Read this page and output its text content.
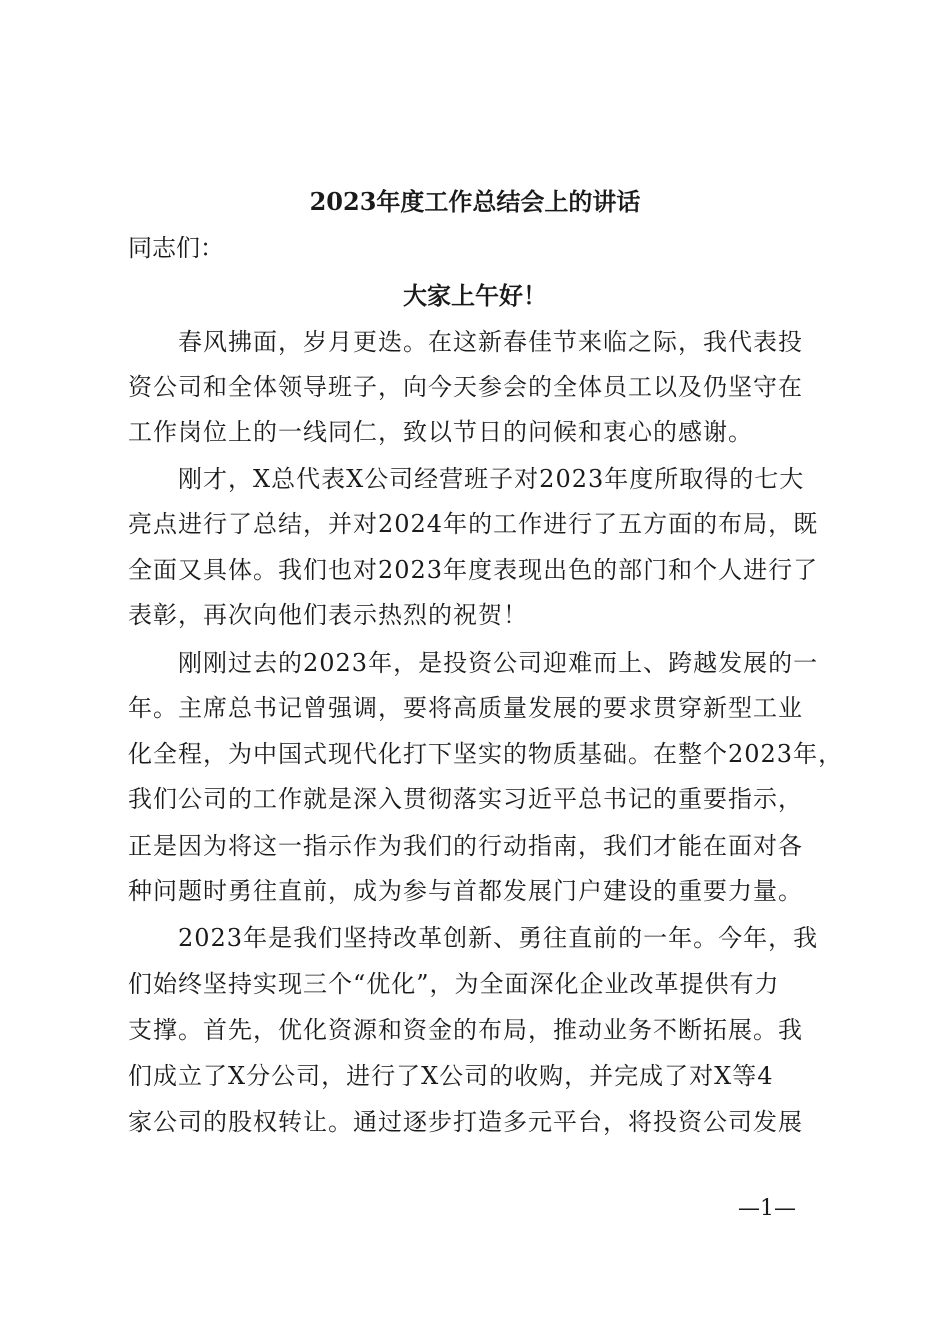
2023年度工作总结会上的讲话
同志们：
大家上午好！
春风拂面，岁月更迭。在这新春佳节来临之际，我代表投
资公司和全体领导班子，向今天参会的全体员工以及仍坚守在
工作岗位上的一线同仁，致以节日的问候和衷心的感谢。
刚才，X总代表X公司经营班子对2023年度所取得的七大
亮点进行了总结，并对2024年的工作进行了五方面的布局，既
全面又具体。我们也对2023年度表现出色的部门和个人进行了
表彰，再次向他们表示热烈的祝贺！
刚刚过去的2023年，是投资公司迎难而上、跨越发展的一
年。主席总书记曾强调，要将高质量发展的要求贯穿新型工业
化全程，为中国式现代化打下坚实的物质基础。在整个2023年，
我们公司的工作就是深入贯彻落实习近平总书记的重要指示，
正是因为将这一指示作为我们的行动指南，我们才能在面对各
种问题时勇往直前，成为参与首都发展门户建设的重要力量。
2023年是我们坚持改革创新、勇往直前的一年。今年，我
们始终坚持实现三个“优化”，为全面深化企业改革提供有力
支撑。首先，优化资源和资金的布局，推动业务不断拓展。我
们成立了X分公司，进行了X公司的收购，并完成了对X等4
家公司的股权转让。通过逐步打造多元平台，将投资公司发展
—1—
